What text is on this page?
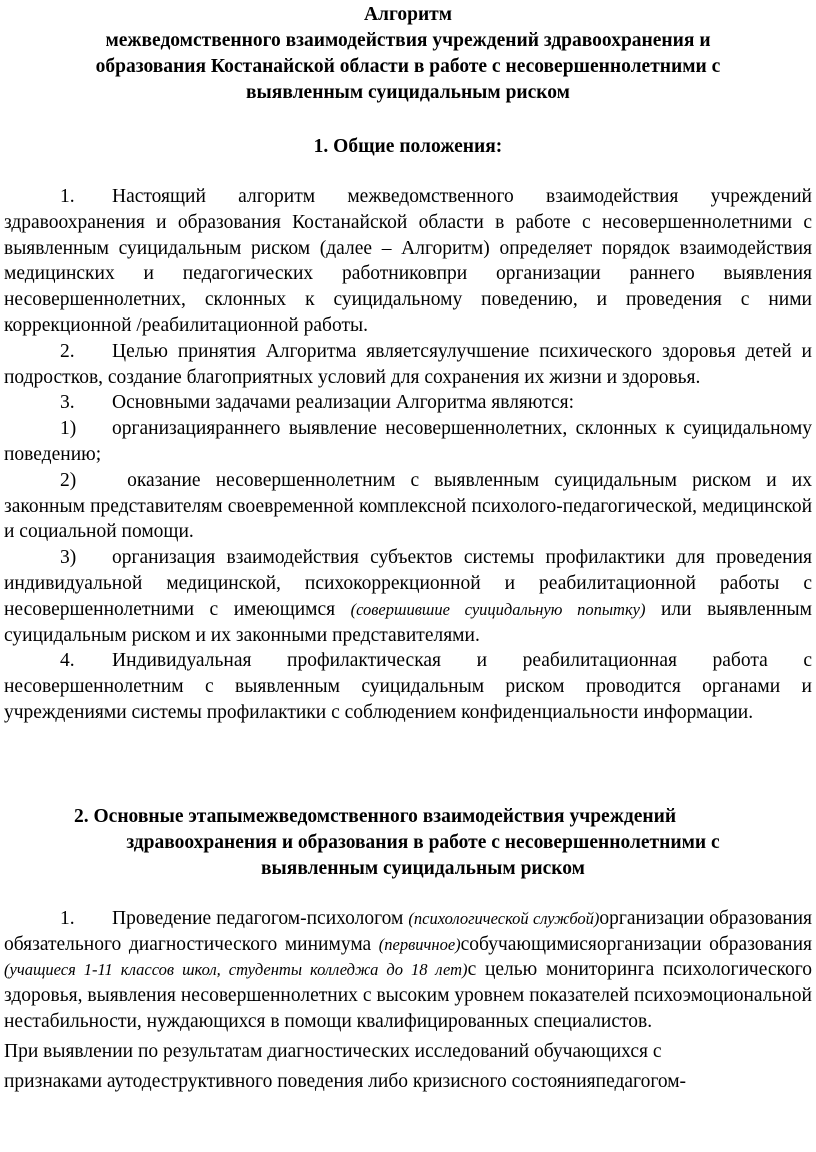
Алгоритм
межведомственного взаимодействия учреждений здравоохранения и
образования Костанайской области в работе с несовершеннолетними с
выявленным суицидальным риском
1. Общие положения:

1. Настоящий алгоритм межведомственного взаимодействия учреждений здравоохранения и образования Костанайской области в работе с несовершеннолетними с выявленным суицидальным риском (далее – Алгоритм) определяет порядок взаимодействия медицинских и педагогических работниковпри организации раннего выявления несовершеннолетних, склонных к суицидальному поведению, и проведения с ними коррекционной /реабилитационной работы.

2. Целью принятия Алгоритма являетсяулучшение психического здоровья детей и подростков, создание благоприятных условий для сохранения их жизни и здоровья.

3. Основными задачами реализации Алгоритма являются:

1) организацияраннего выявление несовершеннолетних, склонных к суицидальному поведению;

2) оказание несовершеннолетним с выявленным суицидальным риском и их законным представителям своевременной комплексной психолого-педагогической, медицинской и социальной помощи.

3) организация взаимодействия субъектов системы профилактики для проведения индивидуальной медицинской, психокоррекционной и реабилитационной работы с несовершеннолетними с имеющимся (совершившие суицидальную попытку) или выявленным суицидальным риском и их законными представителями.

4. Индивидуальная профилактическая и реабилитационная работа с несовершеннолетним с выявленным суицидальным риском проводится органами и учреждениями системы профилактики с соблюдением конфиденциальности информации.

2. Основные этапымежведомственного взаимодействия учреждений
здравоохранения и образования в работе с несовершеннолетними с
выявленным суицидальным риском

1. Проведение педагогом-психологом (психологической службой)организации образования обязательного диагностического минимума (первичное)собучающимисяорганизации образования (учащиеся 1-11 классов школ, студенты колледжа до 18 лет)с целью мониторинга психологического здоровья, выявления несовершеннолетних с высоким уровнем показателей психоэмоциональной нестабильности, нуждающихся в помощи квалифицированных специалистов.

При выявлении по результатам диагностических исследований обучающихся с

признаками аутодеструктивного поведения либо кризисного состоянияпедагогом-
